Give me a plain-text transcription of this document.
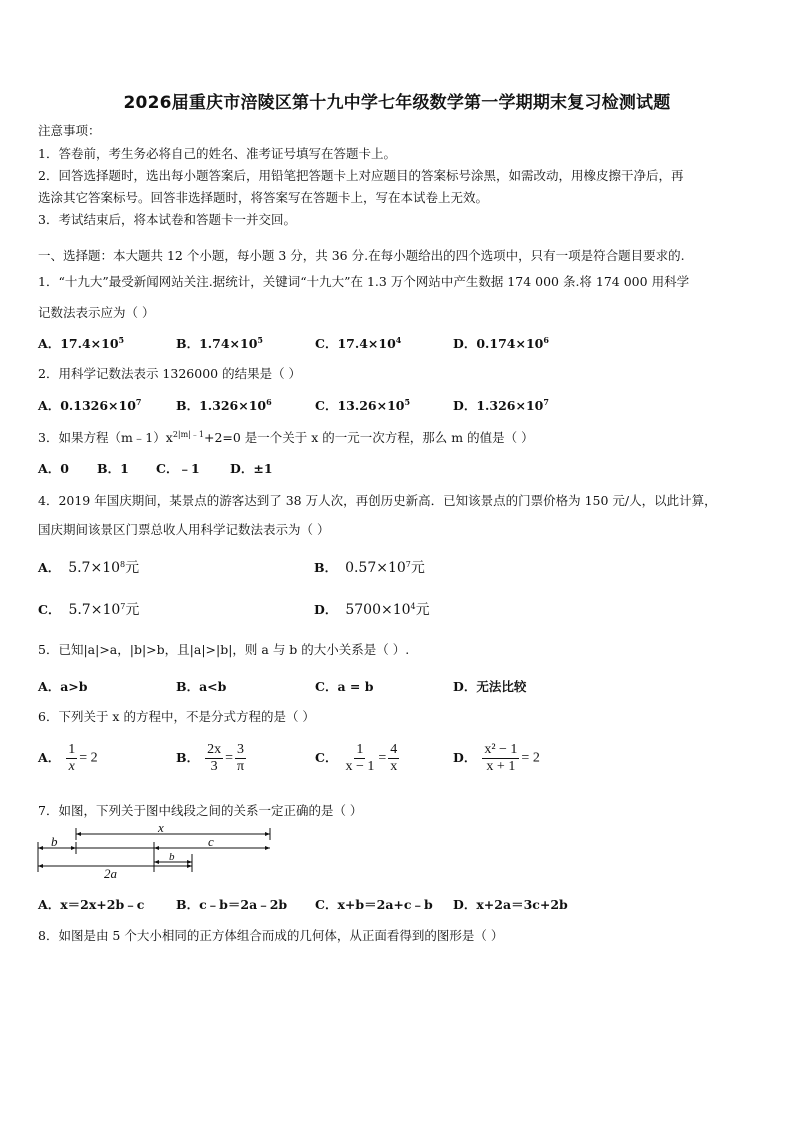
2026届重庆市涪陵区第十九中学七年级数学第一学期期末复习检测试题
注意事项：
1．答卷前，考生务必将自己的姓名、准考证号填写在答题卡上。
2．回答选择题时，选出每小题答案后，用铅笔把答题卡上对应题目的答案标号涂黑，如需改动，用橡皮擦干净后，再
选涂其它答案标号。回答非选择题时，将答案写在答题卡上，写在本试卷上无效。
3．考试结束后，将本试卷和答题卡一并交回。
一、选择题：本大题共 12 个小题，每小题 3 分，共 36 分.在每小题给出的四个选项中，只有一项是符合题目要求的.
1．“十九大”最受新闻网站关注.据统计，关键词“十九大”在 1.3 万个网站中产生数据 174 000 条.将 174 000 用科学
记数法表示应为（ ）
A．$17.4\times 10^5$	B．$1.74\times 10^5$	C．$17.4\times 10^4$	D．$0.174\times 10^6$
2．用科学记数法表示 1326000 的结果是（ ）
A．$0.1326\times 10^7$	B．$1.326\times 10^6$	C．$13.26\times 10^5$	D．$1.326\times 10^7$
3．如果方程$(m﹣1)x^{2|m|﹣1}+2=0$ 是一个关于 x 的一元一次方程，那么 m 的值是（ ）
A．0	B．1	C．﹣1	D．±1
4．2019 年国庆期间，某景点的游客达到了 38 万人次，再创历史新高．已知该景点的门票价格为 150 元/人，以此计算，
国庆期间该景区门票总收人用科学记数法表示为（ ）
A． $5.7\times 10^8$元	B． $0.57\times 10^7$元
C． $5.7\times 10^7$元	D． $5700\times 10^4$元
5．已知|a|>a，|b|>b，且|a|>|b|，则 a 与 b 的大小关系是（ ）.
A．a>b	B．a<b	C．a = b	D．无法比较
6．下列关于 x 的方程中，不是分式方程的是（ ）
A． $\frac{1}{x} = 2$	B． $\frac{2x}{3} = \frac{3}{\pi}$	C． $\frac{1}{x - 1} = \frac{4}{x}$	D． $\frac{\text{x² − 1}}{x + 1} = 2$
7．如图，下列关于图中线段之间的关系一定正确的是（ ）
x
b	c
b
2a
A．x＝2x+2b﹣c	B．c﹣b＝2a﹣2b	C．x+b＝2a+c﹣b	D．x+2a＝3c+2b
8．如图是由 5 个大小相同的正方体组合而成的几何体，从正面看得到的图形是（ ）
